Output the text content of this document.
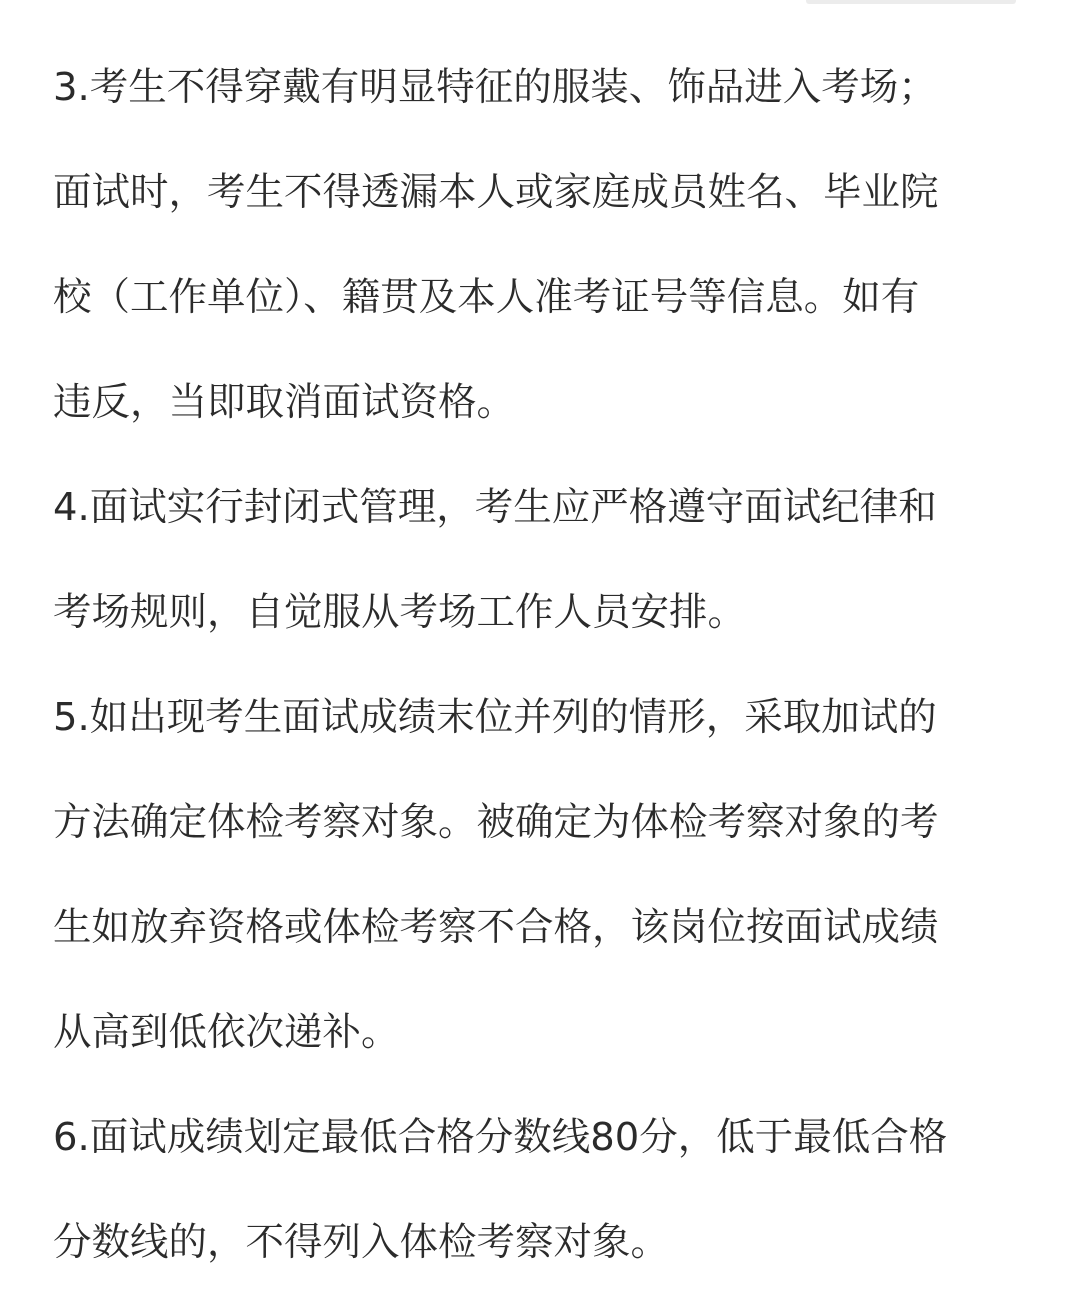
3.考生不得穿戴有明显特征的服装、饰品进入考场；
面试时，考生不得透漏本人或家庭成员姓名、毕业院
校（工作单位）、籍贯及本人准考证号等信息。如有
违反，当即取消面试资格。

4.面试实行封闭式管理，考生应严格遵守面试纪律和
考场规则，自觉服从考场工作人员安排。

5.如出现考生面试成绩末位并列的情形，采取加试的
方法确定体检考察对象。被确定为体检考察对象的考
生如放弃资格或体检考察不合格，该岗位按面试成绩
从高到低依次递补。

6.面试成绩划定最低合格分数线80分，低于最低合格
分数线的，不得列入体检考察对象。
